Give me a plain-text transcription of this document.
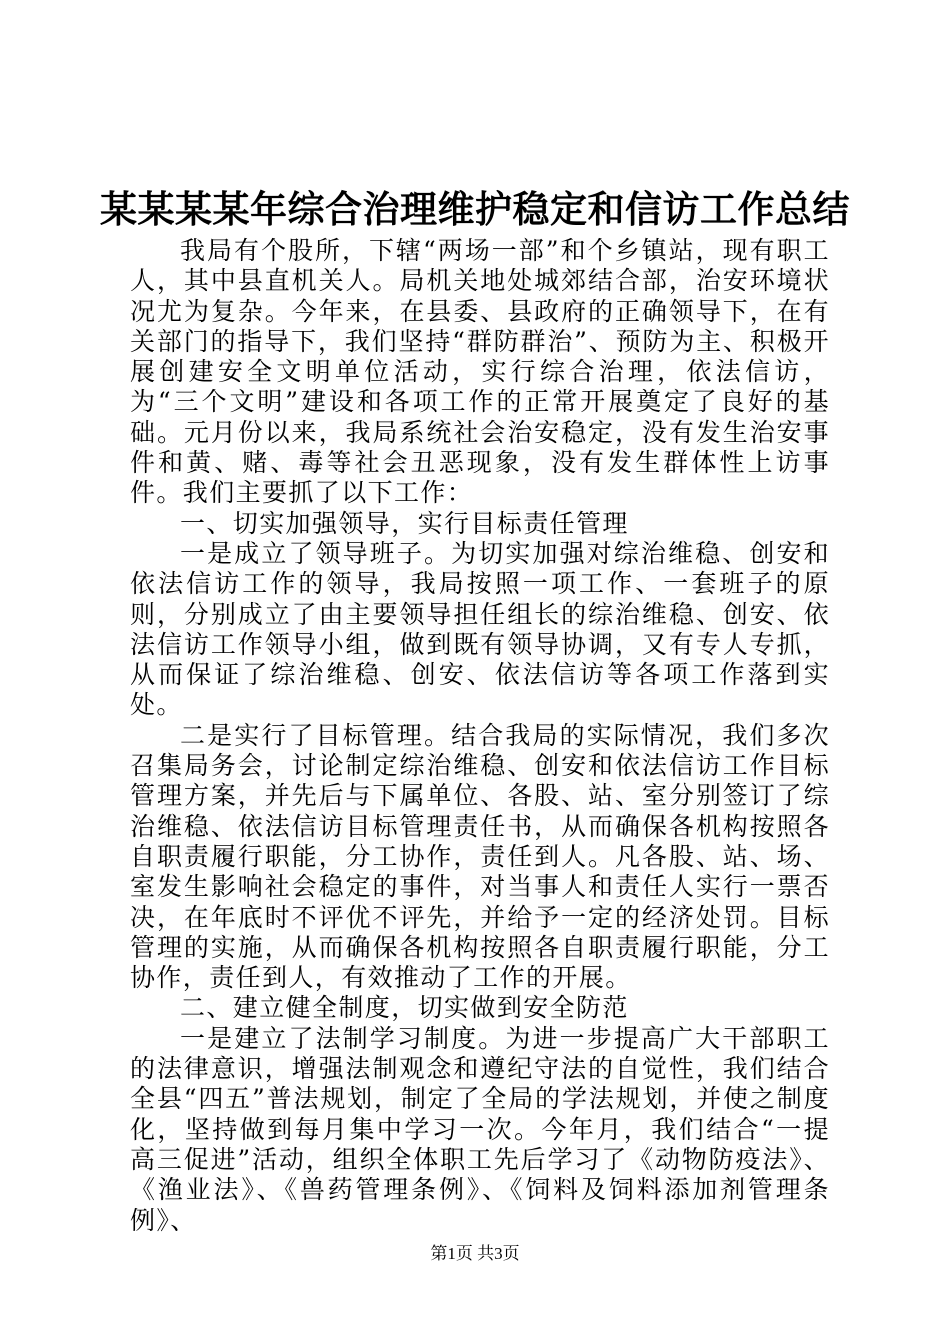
某某某某年综合治理维护稳定和信访工作总结

我局有个股所，下辖“两场一部”和个乡镇站，现有职工人，其中县直机关人。局机关地处城郊结合部，治安环境状况尤为复杂。今年来，在县委、县政府的正确领导下，在有关部门的指导下，我们坚持“群防群治”、预防为主、积极开展创建安全文明单位活动，实行综合治理，依法信访，为“三个文明”建设和各项工作的正常开展奠定了良好的基础。元月份以来，我局系统社会治安稳定，没有发生治安事件和黄、赌、毒等社会丑恶现象，没有发生群体性上访事件。我们主要抓了以下工作：

一、切实加强领导，实行目标责任管理

一是成立了领导班子。为切实加强对综治维稳、创安和依法信访工作的领导，我局按照一项工作、一套班子的原则，分别成立了由主要领导担任组长的综治维稳、创安、依法信访工作领导小组，做到既有领导协调，又有专人专抓，从而保证了综治维稳、创安、依法信访等各项工作落到实处。

二是实行了目标管理。结合我局的实际情况，我们多次召集局务会，讨论制定综治维稳、创安和依法信访工作目标管理方案，并先后与下属单位、各股、站、室分别签订了综治维稳、依法信访目标管理责任书，从而确保各机构按照各自职责履行职能，分工协作，责任到人。凡各股、站、场、室发生影响社会稳定的事件，对当事人和责任人实行一票否决，在年底时不评优不评先，并给予一定的经济处罚。目标管理的实施，从而确保各机构按照各自职责履行职能，分工协作，责任到人，有效推动了工作的开展。

二、建立健全制度，切实做到安全防范

一是建立了法制学习制度。为进一步提高广大干部职工的法律意识，增强法制观念和遵纪守法的自觉性，我们结合全县“四五”普法规划，制定了全局的学法规划，并使之制度化，坚持做到每月集中学习一次。今年月，我们结合“一提高三促进”活动，组织全体职工先后学习了《动物防疫法》、《渔业法》、《兽药管理条例》、《饲料及饲料添加剂管理条例》、

第1页 共3页
